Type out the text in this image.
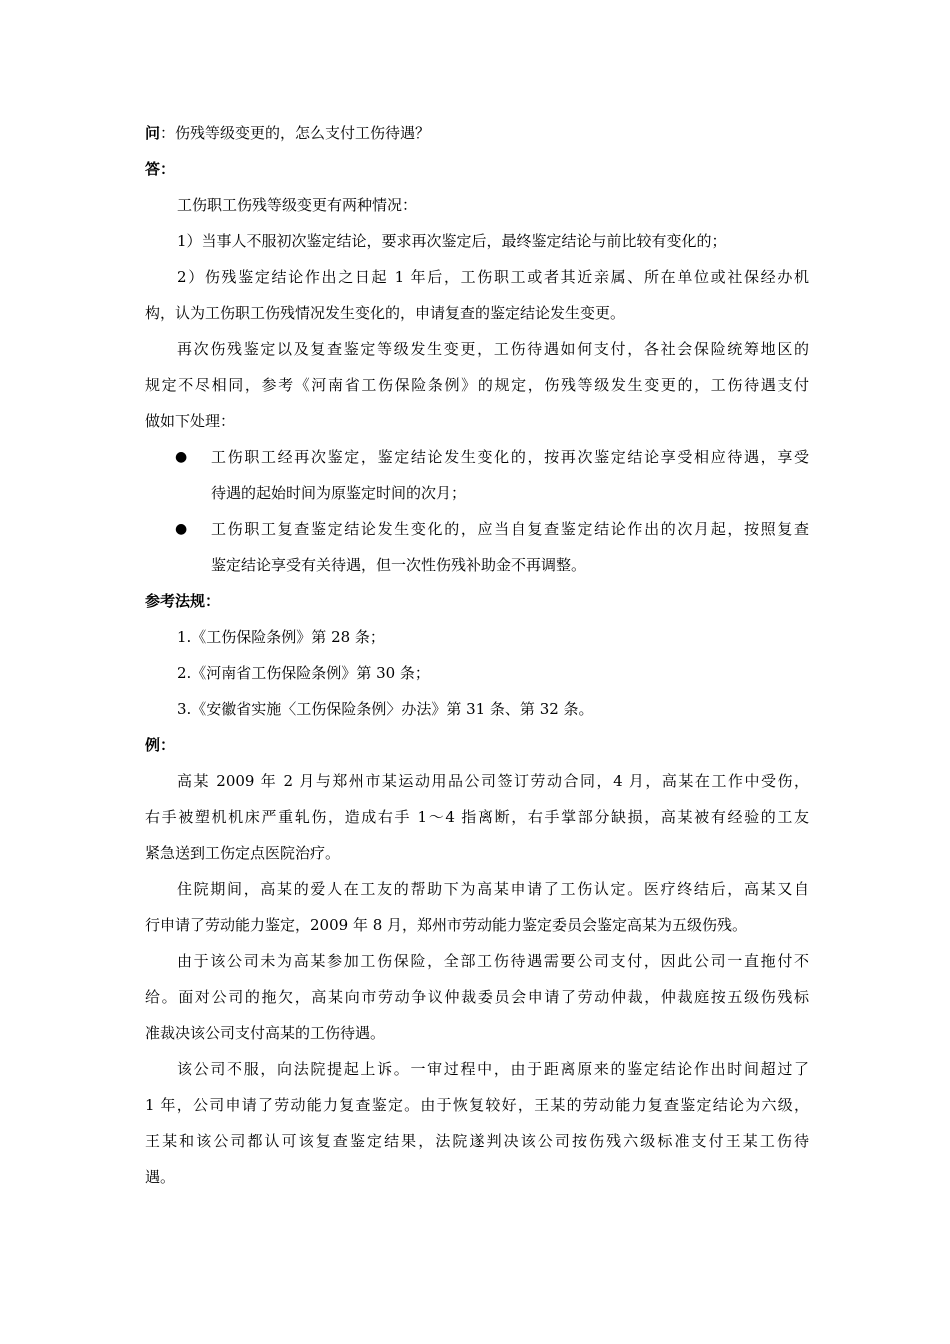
问：伤残等级变更的，怎么支付工伤待遇？
答：
工伤职工伤残等级变更有两种情况：
1）当事人不服初次鉴定结论，要求再次鉴定后，最终鉴定结论与前比较有变化的；
2）伤残鉴定结论作出之日起 1 年后，工伤职工或者其近亲属、所在单位或社保经办机
构，认为工伤职工伤残情况发生变化的，申请复查的鉴定结论发生变更。
再次伤残鉴定以及复查鉴定等级发生变更，工伤待遇如何支付，各社会保险统筹地区的
规定不尽相同，参考《河南省工伤保险条例》的规定，伤残等级发生变更的，工伤待遇支付
做如下处理：
● 工伤职工经再次鉴定，鉴定结论发生变化的，按再次鉴定结论享受相应待遇，享受
待遇的起始时间为原鉴定时间的次月；
● 工伤职工复查鉴定结论发生变化的，应当自复查鉴定结论作出的次月起，按照复查
鉴定结论享受有关待遇，但一次性伤残补助金不再调整。
参考法规：
1.《工伤保险条例》第 28 条；
2.《河南省工伤保险条例》第 30 条；
3.《安徽省实施〈工伤保险条例〉办法》第 31 条、第 32 条。
例：
高某 2009 年 2 月与郑州市某运动用品公司签订劳动合同，4 月，高某在工作中受伤，
右手被塑机机床严重轧伤，造成右手 1～4 指离断，右手掌部分缺损，高某被有经验的工友
紧急送到工伤定点医院治疗。
住院期间，高某的爱人在工友的帮助下为高某申请了工伤认定。医疗终结后，高某又自
行申请了劳动能力鉴定，2009 年 8 月，郑州市劳动能力鉴定委员会鉴定高某为五级伤残。
由于该公司未为高某参加工伤保险，全部工伤待遇需要公司支付，因此公司一直拖付不
给。面对公司的拖欠，高某向市劳动争议仲裁委员会申请了劳动仲裁，仲裁庭按五级伤残标
准裁决该公司支付高某的工伤待遇。
该公司不服，向法院提起上诉。一审过程中，由于距离原来的鉴定结论作出时间超过了
1 年，公司申请了劳动能力复查鉴定。由于恢复较好，王某的劳动能力复查鉴定结论为六级，
王某和该公司都认可该复查鉴定结果，法院遂判决该公司按伤残六级标准支付王某工伤待
遇。
